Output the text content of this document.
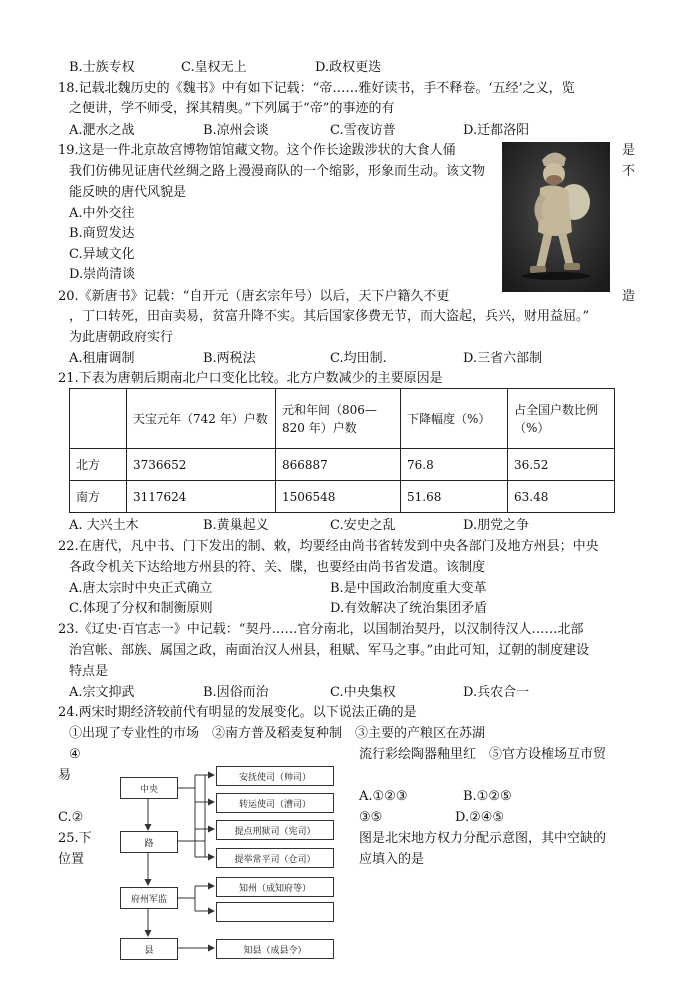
B.士族专权	C.皇权无上	D.政权更迭
18.记载北魏历史的《魏书》中有如下记载：“帝……雅好读书，手不释卷。‘五经’之义，览
之便讲，学不师受，探其精奥。”下列属于“帝”的事迹的有
A.淝水之战	B.凉州会谈	C.雪夜访普	D.迁都洛阳
19.这是一件北京故宫博物馆馆藏文物。这个作长途跋涉状的大食人俑	是
我们仿佛见证唐代丝绸之路上漫漫商队的一个缩影，形象而生动。该文物	不
能反映的唐代风貌是
A.中外交往
B.商贸发达
C.异域文化
D.崇尚清谈
20.《新唐书》记载：“自开元（唐玄宗年号）以后，天下户籍久不更	造
，丁口转死，田亩卖易，贫富升降不实。其后国家侈费无节，而大盗起，兵兴，财用益屈。”
为此唐朝政府实行
A.租庸调制	B.两税法	C.均田制.	D.三省六部制
21.下表为唐朝后期南北户口变化比较。北方户数减少的主要原因是
	天宝元年（742 年）户数	元和年间（806—820 年）户数	下降幅度（%）	占全国户数比例（%）
北方	3736652	866887	76.8	36.52
南方	3117624	1506548	51.68	63.48
A. 大兴土木	B.黄巢起义	C.安史之乱	D.朋党之争
22.在唐代，凡中书、门下发出的制、敕，均要经由尚书省转发到中央各部门及地方州县；中央
各政令机关下达给地方州县的符、关、牒，也要经由尚书省发遣。该制度
A.唐太宗时中央正式确立	B.是中国政治制度重大变革
C.体现了分权和制衡原则	D.有效解决了统治集团矛盾
23.《辽史·百官志一》中记载：“契丹……官分南北，以国制治契丹，以汉制待汉人……北部
治宫帐、部族、属国之政，南面治汉人州县，租赋、军马之事。”由此可知，辽朝的制度建设
特点是
A.宗文抑武	B.因俗而治	C.中央集权	D.兵农合一
24.两宋时期经济较前代有明显的发展变化。以下说法正确的是
①出现了专业性的市场　②南方普及稻麦复种制　③主要的产粮区在苏湖
④	流行彩绘陶器釉里红　⑤官方设榷场互市贸
易
A.①②③	B.①②⑤
C.②	③⑤	D.②④⑤
25.下
位置
图是北宋地方权力分配示意图，其中空缺的
应填入的是
中央
路
府州军监
县
安抚使司（帅司）
转运使司（漕司）
提点刑狱司（宪司）
提举常平司（仓司）
知州（成知府等）
知县（成县令）
